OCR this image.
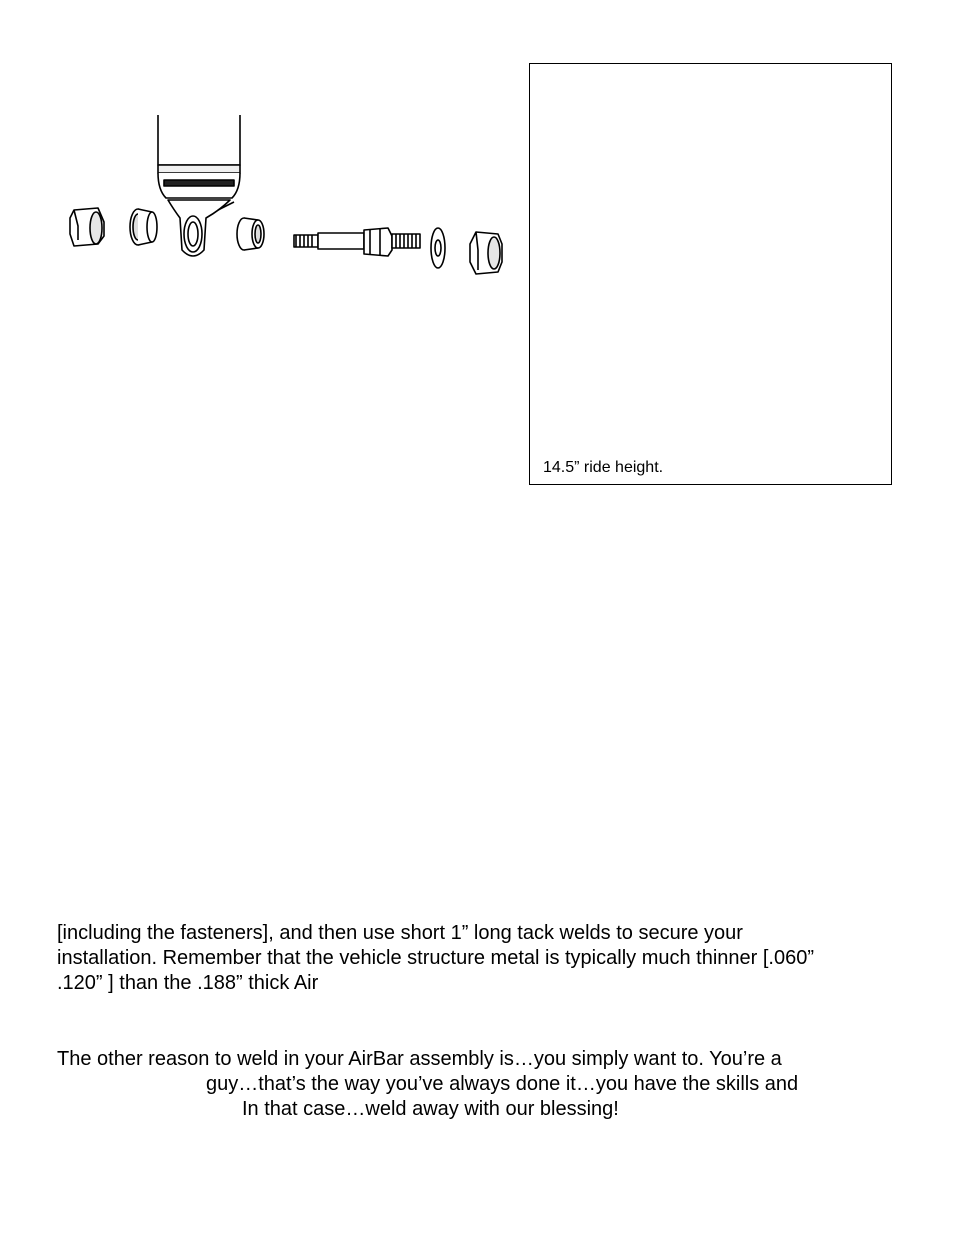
14.5” ride height.
[including the fasteners], and then use short 1” long tack welds to secure your
installation. Remember that the vehicle structure metal is typically much thinner [.060”
.120” ] than the .188” thick Air
The other reason to weld in your AirBar assembly is…you simply want to. You’re a
guy…that’s the way you’ve always done it…you have the skills and
In that case…weld away with our blessing!
